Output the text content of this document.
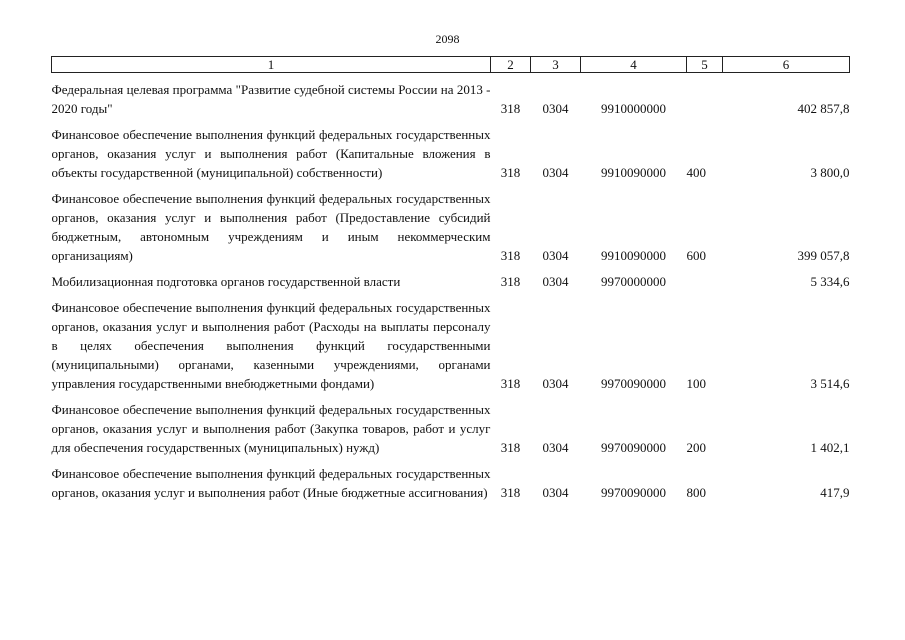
2098
1	2	3	4	5	6

Федеральная целевая программа "Развитие судебной системы России на 2013 - 2020 годы"	318	0304	9910000000		402 857,8

Финансовое обеспечение выполнения функций федеральных государственных органов, оказания услуг и выполнения работ (Капитальные вложения в объекты государственной (муниципальной) собственности)	318	0304	9910090000	400	3 800,0

Финансовое обеспечение выполнения функций федеральных государственных органов, оказания услуг и выполнения работ (Предоставление субсидий бюджетным, автономным учреждениям и иным некоммерческим организациям)	318	0304	9910090000	600	399 057,8

Мобилизационная подготовка органов государственной власти	318	0304	9970000000		5 334,6

Финансовое обеспечение выполнения функций федеральных государственных органов, оказания услуг и выполнения работ (Расходы на выплаты персоналу в целях обеспечения выполнения функций государственными (муниципальными) органами, казенными учреждениями, органами управления государственными внебюджетными фондами)	318	0304	9970090000	100	3 514,6

Финансовое обеспечение выполнения функций федеральных государственных органов, оказания услуг и выполнения работ (Закупка товаров, работ и услуг для обеспечения государственных (муниципальных) нужд)	318	0304	9970090000	200	1 402,1

Финансовое обеспечение выполнения функций федеральных государственных органов, оказания услуг и выполнения работ (Иные бюджетные ассигнования)	318	0304	9970090000	800	417,9
